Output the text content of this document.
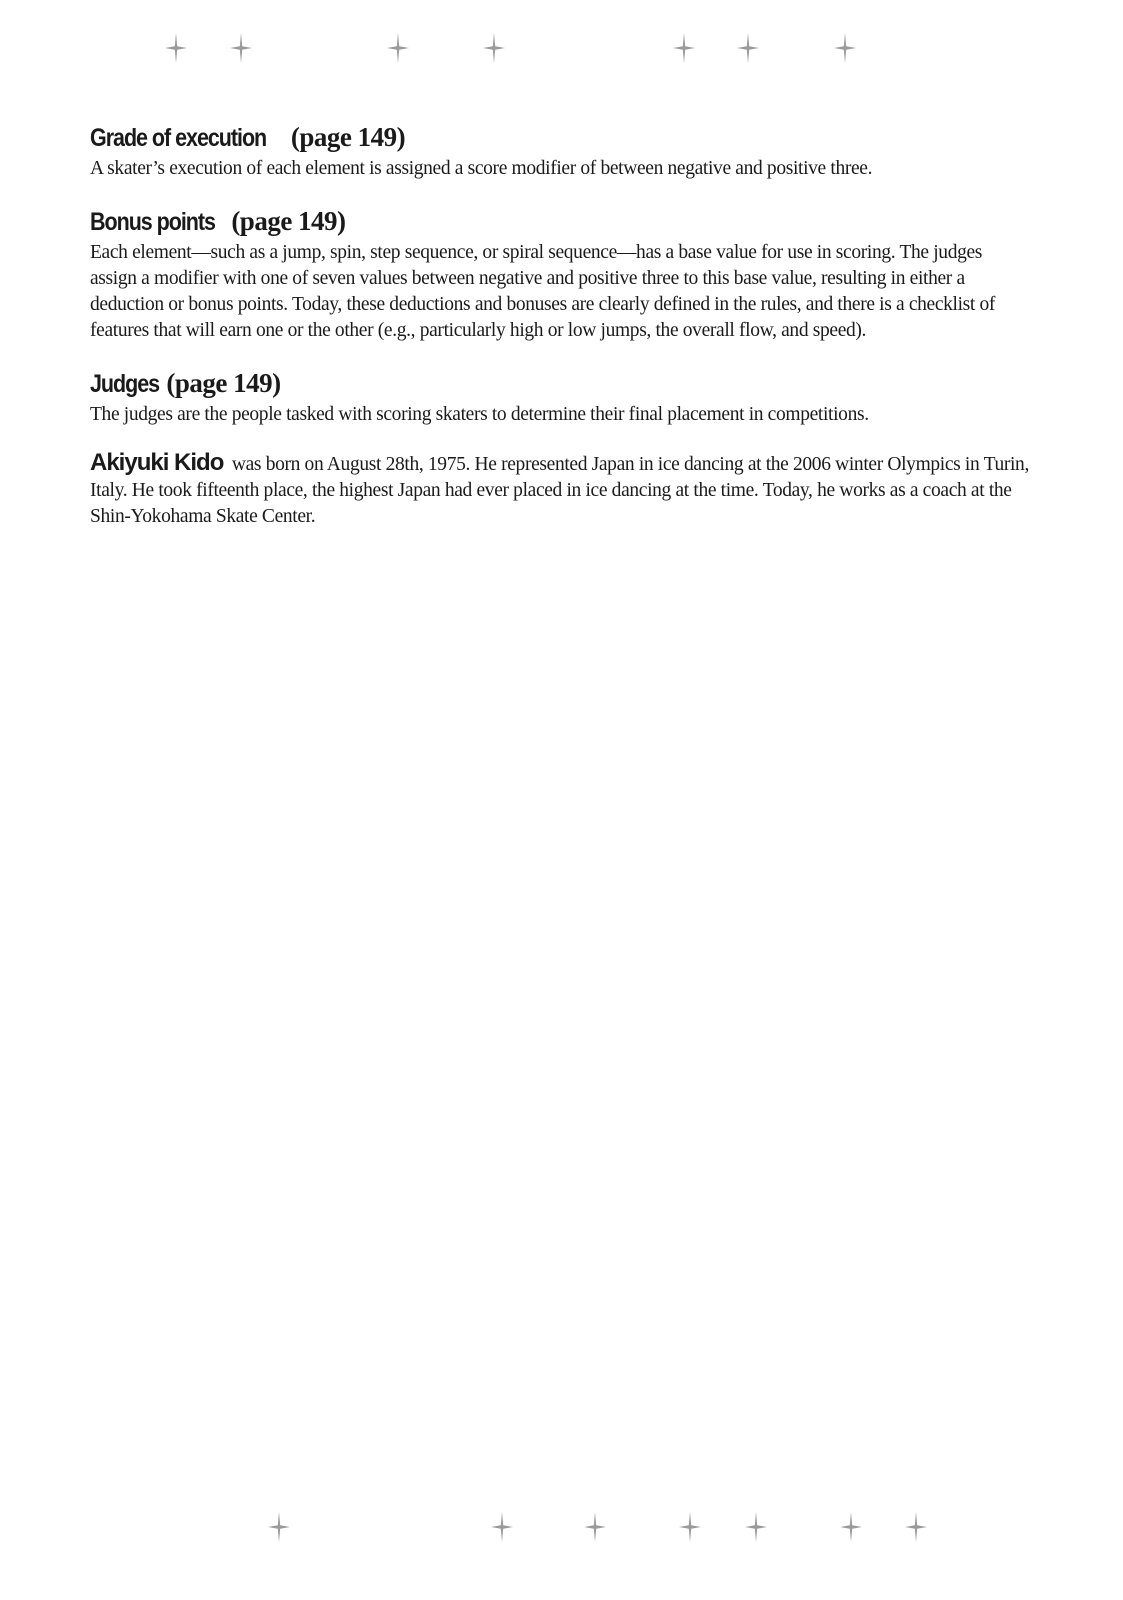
Grade of execution (page 149)

A skater’s execution of each element is assigned a score modifier of between negative and positive three.

Bonus points (page 149)

Each element—such as a jump, spin, step sequence, or spiral sequence—has a base value for use in scoring. The judges assign a modifier with one of seven values between negative and positive three to this base value, resulting in either a deduction or bonus points. Today, these deductions and bonuses are clearly defined in the rules, and there is a checklist of features that will earn one or the other (e.g., particularly high or low jumps, the overall flow, and speed).

Judges (page 149)

The judges are the people tasked with scoring skaters to determine their final placement in competitions.

Akiyuki Kido was born on August 28th, 1975. He represented Japan in ice dancing at the 2006 winter Olympics in Turin, Italy. He took fifteenth place, the highest Japan had ever placed in ice dancing at the time. Today, he works as a coach at the Shin-Yokohama Skate Center.
